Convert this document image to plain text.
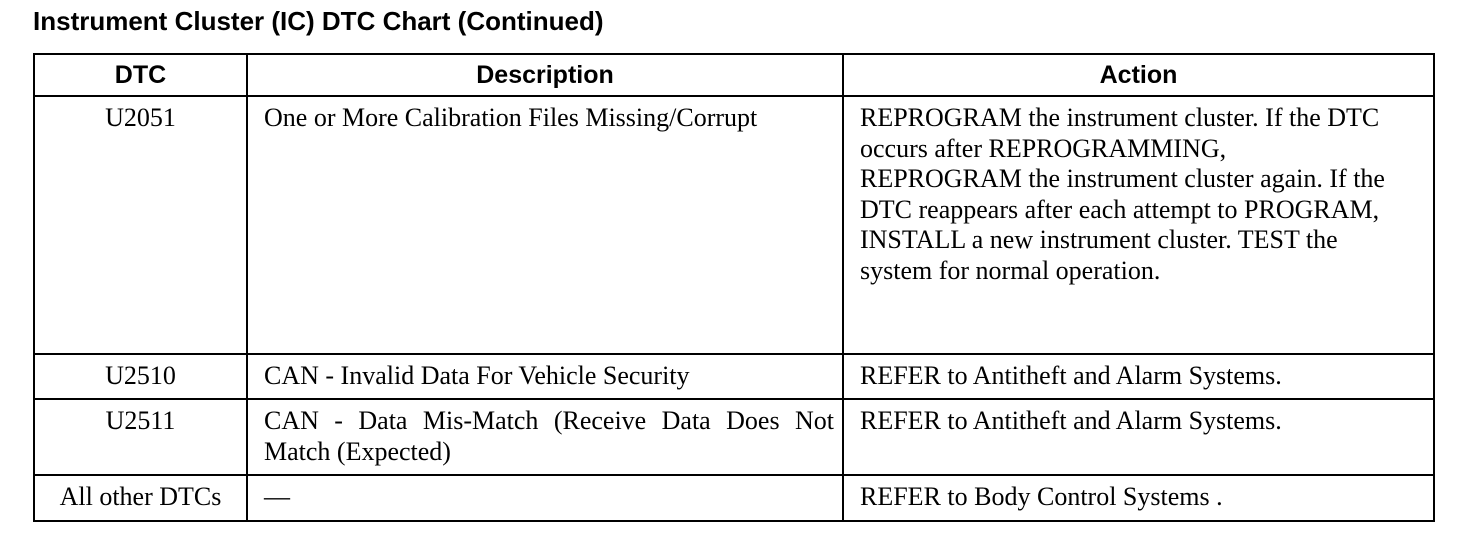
Instrument Cluster (IC) DTC Chart (Continued)
DTC	Description	Action
U2051	One or More Calibration Files Missing/Corrupt	REPROGRAM the instrument cluster. If the DTC occurs after REPROGRAMMING, REPROGRAM the instrument cluster again. If the DTC reappears after each attempt to PROGRAM, INSTALL a new instrument cluster. TEST the system for normal operation.
U2510	CAN - Invalid Data For Vehicle Security	REFER to Antitheft and Alarm Systems.
U2511	CAN - Data Mis-Match (Receive Data Does Not Match (Expected)	REFER to Antitheft and Alarm Systems.
All other DTCs	—	REFER to Body Control Systems .
